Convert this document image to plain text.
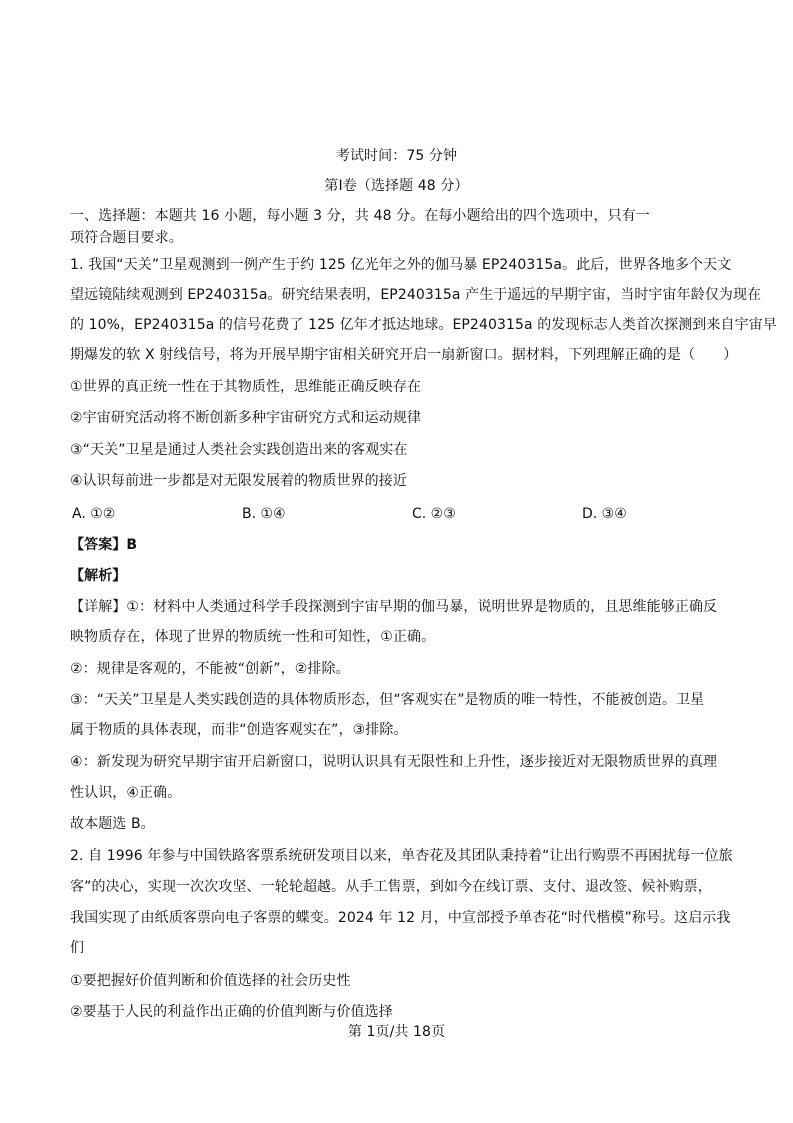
考试时间：75 分钟
第Ⅰ卷（选择题 48 分）
一、选择题：本题共 16 小题，每小题 3 分，共 48 分。在每小题给出的四个选项中，只有一
项符合题目要求。
1. 我国“天关”卫星观测到一例产生于约 125 亿光年之外的伽马暴 EP240315a。此后，世界各地多个天文
望远镜陆续观测到 EP240315a。研究结果表明，EP240315a 产生于遥远的早期宇宙，当时宇宙年龄仅为现在
的 10%，EP240315a 的信号花费了 125 亿年才抵达地球。EP240315a 的发现标志人类首次探测到来自宇宙早
期爆发的软 X 射线信号，将为开展早期宇宙相关研究开启一扇新窗口。据材料，下列理解正确的是（　　）
①世界的真正统一性在于其物质性，思维能正确反映存在
②宇宙研究活动将不断创新多种宇宙研究方式和运动规律
③“天关”卫星是通过人类社会实践创造出来的客观实在
④认识每前进一步都是对无限发展着的物质世界的接近
A. ①②	B. ①④	C. ②③	D. ③④
【答案】B
【解析】
【详解】①：材料中人类通过科学手段探测到宇宙早期的伽马暴，说明世界是物质的，且思维能够正确反
映物质存在，体现了世界的物质统一性和可知性，①正确。
②：规律是客观的，不能被“创新”，②排除。
③：“天关”卫星是人类实践创造的具体物质形态，但“客观实在”是物质的唯一特性，不能被创造。卫星
属于物质的具体表现，而非“创造客观实在”，③排除。
④：新发现为研究早期宇宙开启新窗口，说明认识具有无限性和上升性，逐步接近对无限物质世界的真理
性认识，④正确。
故本题选 B。
2. 自 1996 年参与中国铁路客票系统研发项目以来，单杏花及其团队秉持着“让出行购票不再困扰每一位旅
客”的决心，实现一次次攻坚、一轮轮超越。从手工售票，到如今在线订票、支付、退改签、候补购票，
我国实现了由纸质客票向电子客票的蝶变。2024 年 12 月，中宣部授予单杏花“时代楷模”称号。这启示我
们
①要把握好价值判断和价值选择的社会历史性
②要基于人民的利益作出正确的价值判断与价值选择
第 1页/共 18页
